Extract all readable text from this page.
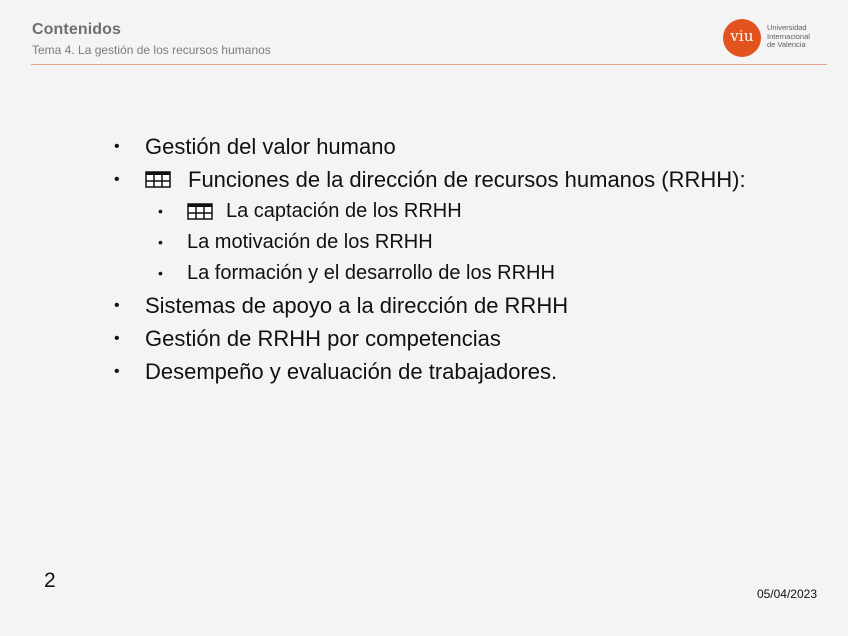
Contenidos
Tema 4. La gestión de los recursos humanos
viu	Universidad
Internacional
de Valencia
•	Gestión del valor humano
•	Funciones de la dirección de recursos humanos (RRHH):
•	La captación de los RRHH
•	La motivación de los RRHH
•	La formación y el desarrollo de los RRHH
•	Sistemas de apoyo a la dirección de RRHH
•	Gestión de RRHH por competencias
•	Desempeño y evaluación de trabajadores.
2
05/04/2023
